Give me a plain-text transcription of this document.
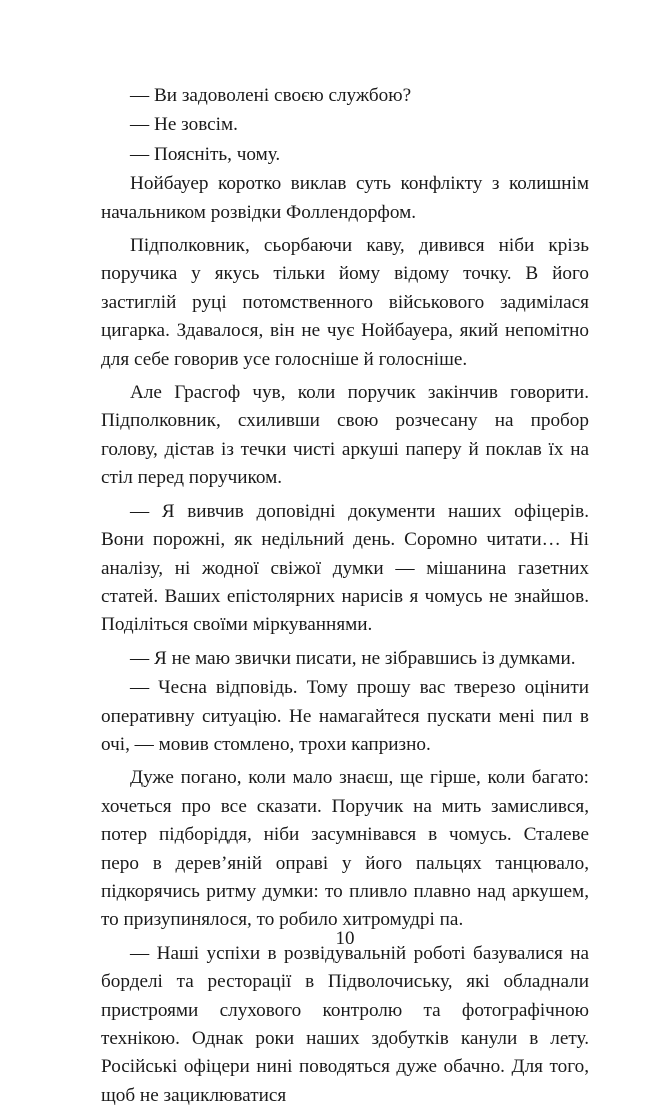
— Ви задоволені своєю службою?

— Не зовсім.

— Поясніть, чому.

Нойбауер коротко виклав суть конфлікту з колишнім начальником розвідки Фоллендорфом.

Підполковник, сьорбаючи каву, дивився ніби крізь поручика у якусь тільки йому відому точку. В його застиглій руці потомственного військового задимілася цигарка. Здавалося, він не чує Нойбауера, який непомітно для себе говорив усе голосніше й голосніше.

Але Грасгоф чув, коли поручик закінчив говорити. Підполковник, схиливши свою розчесану на пробор голову, дістав із течки чисті аркуші паперу й поклав їх на стіл перед поручиком.

— Я вивчив доповідні документи наших офіцерів. Вони порожні, як недільний день. Соромно читати… Ні аналізу, ні жодної свіжої думки — мішанина газетних статей. Ваших епістолярних нарисів я чомусь не знайшов. Поділіться своїми міркуваннями.

— Я не маю звички писати, не зібравшись із думками.

— Чесна відповідь. Тому прошу вас тверезо оцінити оперативну ситуацію. Не намагайтеся пускати мені пил в очі, — мовив стомлено, трохи капризно.

Дуже погано, коли мало знаєш, ще гірше, коли багато: хочеться про все сказати. Поручик на мить замислився, потер підборіддя, ніби засумнівався в чомусь. Сталеве перо в дерев’яній оправі у його пальцях танцювало, підкорячись ритму думки: то пливло плавно над аркушем, то призупинялося, то робило хитромудрі па.

— Наші успіхи в розвідувальній роботі базувалися на борделі та ресторації в Підволочиську, які обладнали пристроями слухового контролю та фотографічною технікою. Однак роки наших здобутків канули в лету. Російські офіцери нині поводяться дуже обачно. Для того, щоб не зациклюватися

10
